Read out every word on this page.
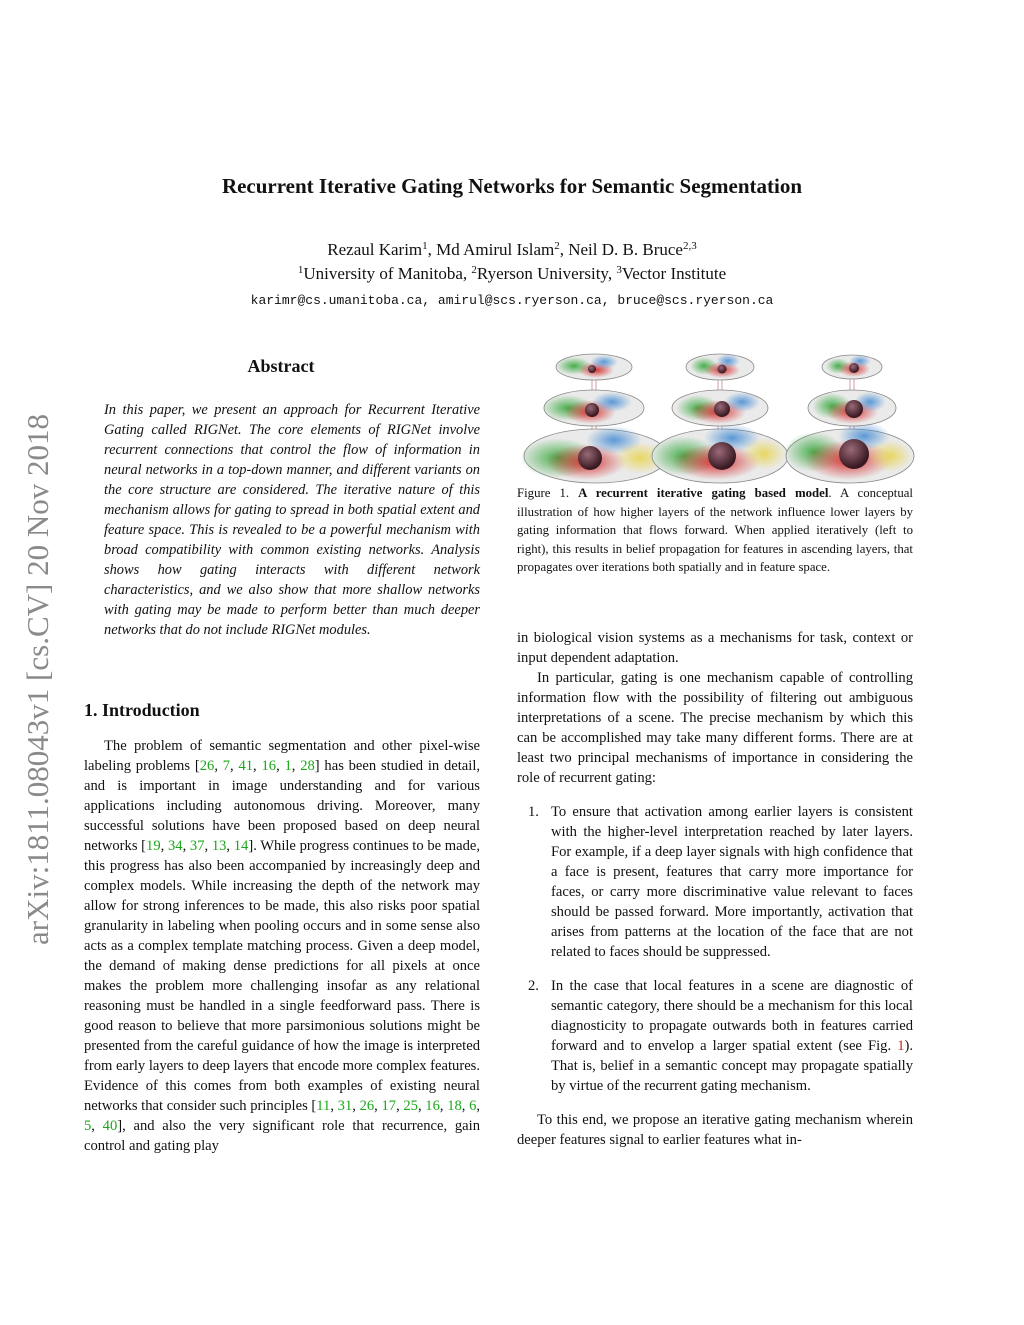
Recurrent Iterative Gating Networks for Semantic Segmentation
Rezaul Karim$^1$, Md Amirul Islam$^2$, Neil D. B. Bruce$^{2,3}$
$^1$University of Manitoba, $^2$Ryerson University, $^3$Vector Institute
karimr@cs.umanitoba.ca, amirul@scs.ryerson.ca, bruce@scs.ryerson.ca
arXiv:1811.08043v1 [cs.CV] 20 Nov 2018
Abstract
In this paper, we present an approach for Recurrent Iterative Gating called RIGNet. The core elements of RIGNet involve recurrent connections that control the flow of information in neural networks in a top-down manner, and different variants on the core structure are considered. The iterative nature of this mechanism allows for gating to spread in both spatial extent and feature space. This is revealed to be a powerful mechanism with broad compatibility with common existing networks. Analysis shows how gating interacts with different network characteristics, and we also show that more shallow networks with gating may be made to perform better than much deeper networks that do not include RIGNet modules.
1. Introduction

The problem of semantic segmentation and other pixel-wise labeling problems [26, 7, 41, 16, 1, 28] has been studied in detail, and is important in image understanding and for various applications including autonomous driving. Moreover, many successful solutions have been proposed based on deep neural networks [19, 34, 37, 13, 14]. While progress continues to be made, this progress has also been accompanied by increasingly deep and complex models. While increasing the depth of the network may allow for strong inferences to be made, this also risks poor spatial granularity in labeling when pooling occurs and in some sense also acts as a complex template matching process. Given a deep model, the demand of making dense predictions for all pixels at once makes the problem more challenging insofar as any relational reasoning must be handled in a single feedforward pass. There is good reason to believe that more parsimonious solutions might be presented from the careful guidance of how the image is interpreted from early layers to deep layers that encode more complex features. Evidence of this comes from both examples of existing neural networks that consider such principles [11, 31, 26, 17, 25, 16, 18, 6, 5, 40], and also the very significant role that recurrence, gain control and gating play

Figure 1. A recurrent iterative gating based model. A conceptual illustration of how higher layers of the network influence lower layers by gating information that flows forward. When applied iteratively (left to right), this results in belief propagation for features in ascending layers, that propagates over iterations both spatially and in feature space.

in biological vision systems as a mechanisms for task, context or input dependent adaptation.

In particular, gating is one mechanism capable of controlling information flow with the possibility of filtering out ambiguous interpretations of a scene. The precise mechanism by which this can be accomplished may take many different forms. There are at least two principal mechanisms of importance in considering the role of recurrent gating:

1. To ensure that activation among earlier layers is consistent with the higher-level interpretation reached by later layers. For example, if a deep layer signals with high confidence that a face is present, features that carry more importance for faces, or carry more discriminative value relevant to faces should be passed forward. More importantly, activation that arises from patterns at the location of the face that are not related to faces should be suppressed.

2. In the case that local features in a scene are diagnostic of semantic category, there should be a mechanism for this local diagnosticity to propagate outwards both in features carried forward and to envelop a larger spatial extent (see Fig. 1). That is, belief in a semantic concept may propagate spatially by virtue of the recurrent gating mechanism.

To this end, we propose an iterative gating mechanism wherein deeper features signal to earlier features what in-
